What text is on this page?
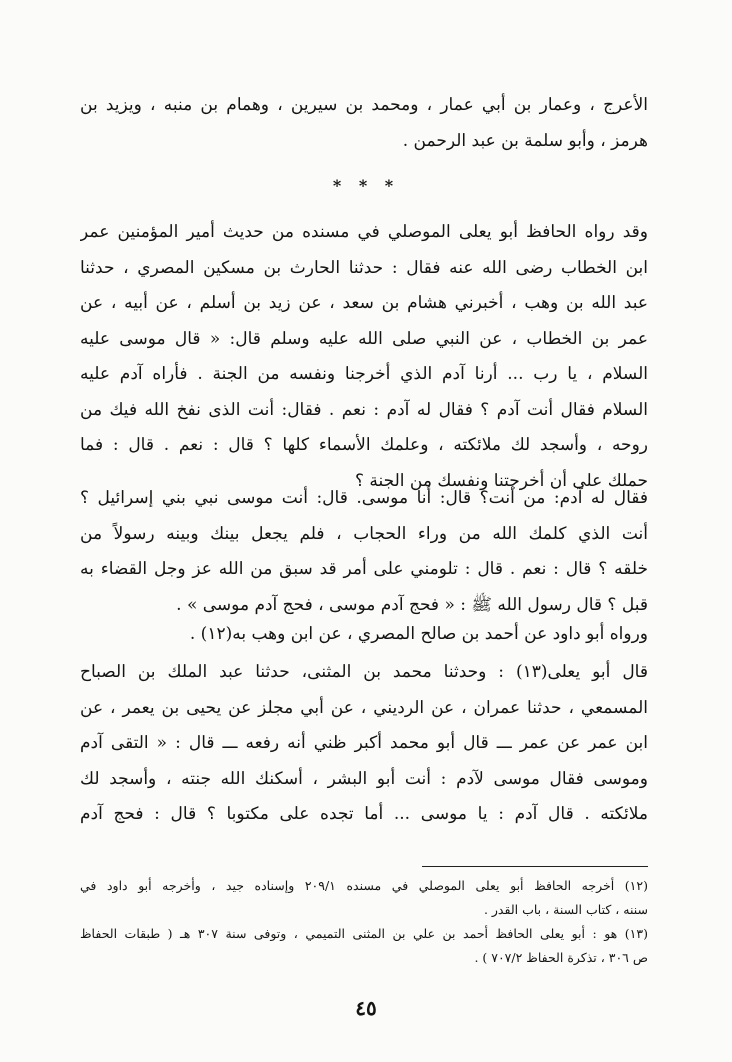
الأعرج ، وعمار بن أبي عمار ، ومحمد بن سيرين ، وهمام بن منبه ، ويزيد بن
هرمز ، وأبو سلمة بن عبد الرحمن .
* * *
وقد رواه الحافظ أبو يعلى الموصلي في مسنده من حديث أمير المؤمنين عمر
ابن الخطاب رضى الله عنه فقال : حدثنا الحارث بن مسكين المصري ، حدثنا
عبد الله بن وهب ، أخبرني هشام بن سعد ، عن زيد بن أسلم ، عن أبيه ، عن
عمر بن الخطاب ، عن النبي صلى الله عليه وسلم قال: « قال موسى عليه
السلام ، يا رب ... أرنا آدم الذي أخرجنا ونفسه من الجنة . فأراه آدم عليه
السلام فقال أنت آدم ؟ فقال له آدم : نعم . فقال: أنت الذى نفخ الله فيك من
روحه ، وأسجد لك ملائكته ، وعلمك الأسماء كلها ؟ قال : نعم . قال : فما
حملك على أن أخرجتنا ونفسك من الجنة ؟
فقال له آدم: من أنت؟ قال: أنا موسى. قال: أنت موسى نبي بني إسرائيل ؟
أنت الذي كلمك الله من وراء الحجاب ، فلم يجعل بينك وبينه رسولاً من
خلقه ؟ قال : نعم . قال : تلومني على أمر قد سبق من الله عز وجل القضاء به
قبل ؟ قال رسول الله ﷺ : « فحج آدم موسى ، فحج آدم موسى » .
ورواه أبو داود عن أحمد بن صالح المصري ، عن ابن وهب به(١٢) .
قال أبو يعلى(١٣) : وحدثنا محمد بن المثنى، حدثنا عبد الملك بن الصباح
المسمعي ، حدثنا عمران ، عن الرديني ، عن أبي مجلز عن يحيى بن يعمر ، عن
ابن عمر عن عمر ـــ قال أبو محمد أكبر ظني أنه رفعه ـــ قال : « التقى آدم
وموسى فقال موسى لآدم : أنت أبو البشر ، أسكنك الله جنته ، وأسجد لك
ملائكته . قال آدم : يا موسى ... أما تجده على مكتوبا ؟ قال : فحج آدم
(١٢) أخرجه الحافظ أبو يعلى الموصلي في مسنده ٢٠٩/١ وإسناده جيد ، وأخرجه أبو داود في
سننه ، كتاب السنة ، باب القدر .
(١٣) هو : أبو يعلى الحافظ أحمد بن علي بن المثنى التميمي ، وتوفى سنة ٣٠٧ هـ ( طبقات الحفاظ
ص ٣٠٦ ، تذكرة الحفاظ ٧٠٧/٢ ) .
٤٥
